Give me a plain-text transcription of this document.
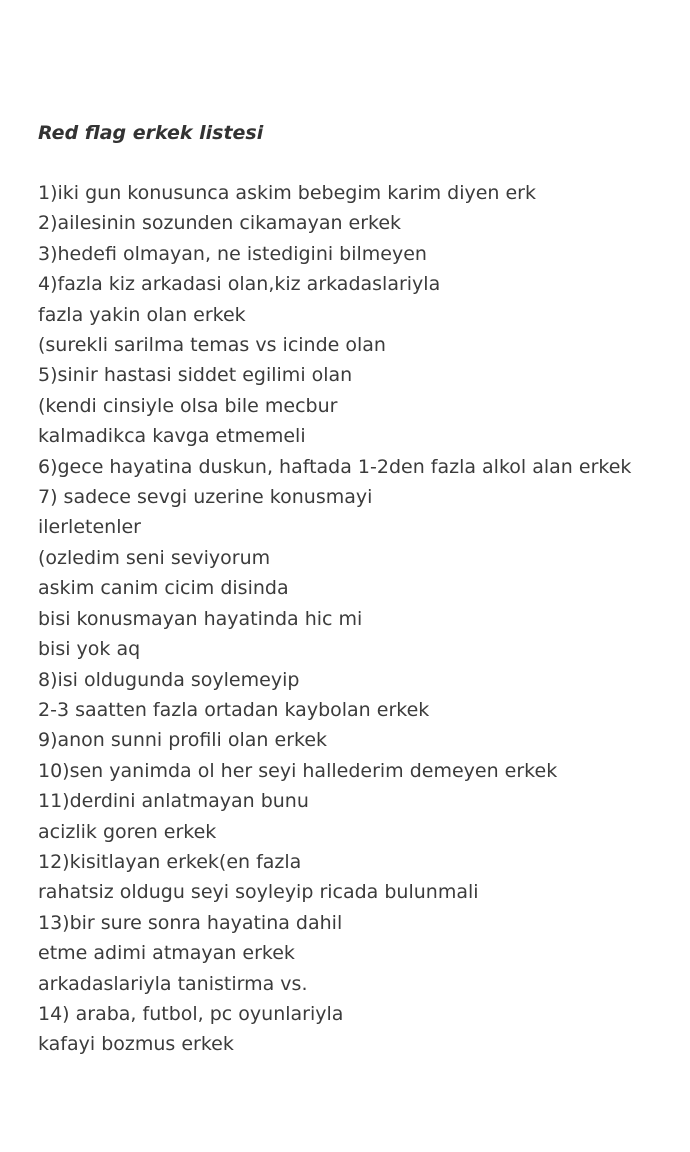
Red flag erkek listesi
1)iki gun konusunca askim bebegim karim diyen erk
2)ailesinin sozunden cikamayan erkek
3)hedefi olmayan, ne istedigini bilmeyen
4)fazla kiz arkadasi olan,kiz arkadaslariyla
fazla yakin olan erkek
(surekli sarilma temas vs icinde olan
5)sinir hastasi siddet egilimi olan
(kendi cinsiyle olsa bile mecbur
kalmadikca kavga etmemeli
6)gece hayatina duskun, haftada 1-2den fazla alkol alan erkek
7) sadece sevgi uzerine konusmayi
ilerletenler
(ozledim seni seviyorum
askim canim cicim disinda
bisi konusmayan hayatinda hic mi
bisi yok aq
8)isi oldugunda soylemeyip
2-3 saatten fazla ortadan kaybolan erkek
9)anon sunni profili olan erkek
10)sen yanimda ol her seyi hallederim demeyen erkek
11)derdini anlatmayan bunu
acizlik goren erkek
12)kisitlayan erkek(en fazla
rahatsiz oldugu seyi soyleyip ricada bulunmali
13)bir sure sonra hayatina dahil
etme adimi atmayan erkek
arkadaslariyla tanistirma vs.
14) araba, futbol, pc oyunlariyla
kafayi bozmus erkek
